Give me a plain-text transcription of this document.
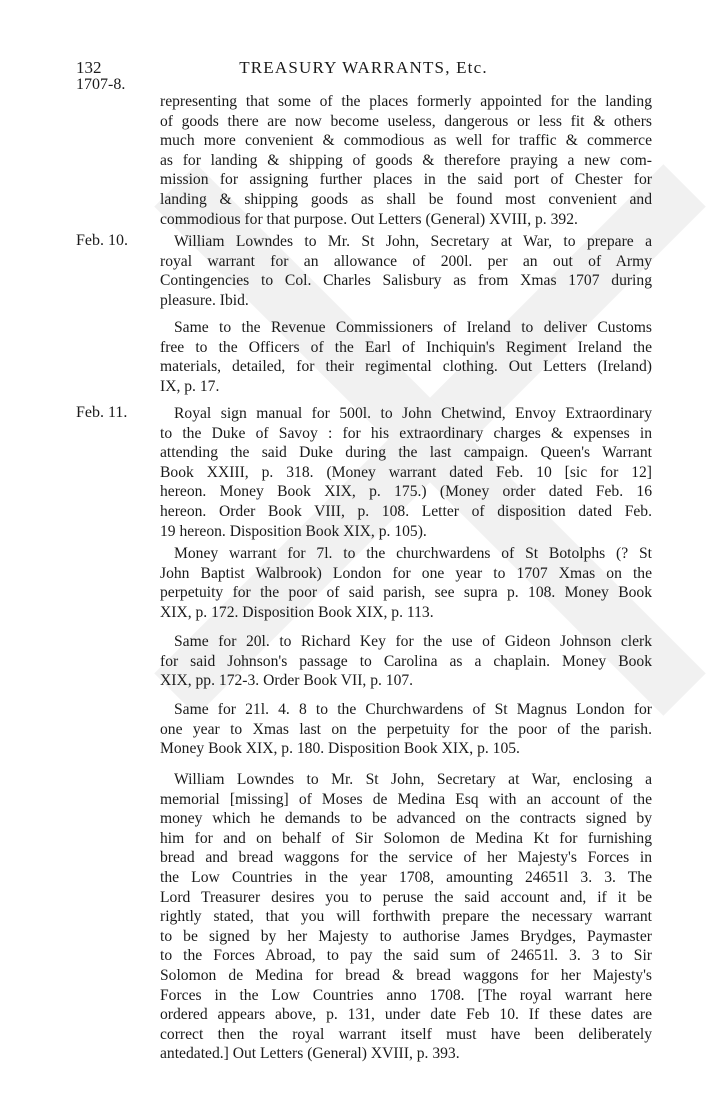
132	TREASURY WARRANTS, Etc.
1707-8.
representing that some of the places formerly appointed for the landing
of goods there are now become useless, dangerous or less fit & others
much more convenient & commodious as well for traffic & commerce
as for landing & shipping of goods & therefore praying a new com-
mission for assigning further places in the said port of Chester for
landing & shipping goods as shall be found most convenient and
commodious for that purpose. Out Letters (General) XVIII, p. 392.
Feb. 10.	William Lowndes to Mr. St John, Secretary at War, to prepare a
royal warrant for an allowance of 200l. per an out of Army
Contingencies to Col. Charles Salisbury as from Xmas 1707 during
pleasure. Ibid.
Same to the Revenue Commissioners of Ireland to deliver Customs
free to the Officers of the Earl of Inchiquin's Regiment Ireland the
materials, detailed, for their regimental clothing. Out Letters (Ireland)
IX, p. 17.
Feb. 11.	Royal sign manual for 500l. to John Chetwind, Envoy Extraordinary
to the Duke of Savoy : for his extraordinary charges & expenses in
attending the said Duke during the last campaign. Queen's Warrant
Book XXIII, p. 318. (Money warrant dated Feb. 10 [sic for 12]
hereon. Money Book XIX, p. 175.) (Money order dated Feb. 16
hereon. Order Book VIII, p. 108. Letter of disposition dated Feb.
19 hereon. Disposition Book XIX, p. 105).
Money warrant for 7l. to the churchwardens of St Botolphs (? St
John Baptist Walbrook) London for one year to 1707 Xmas on the
perpetuity for the poor of said parish, see supra p. 108. Money Book
XIX, p. 172. Disposition Book XIX, p. 113.
Same for 20l. to Richard Key for the use of Gideon Johnson clerk
for said Johnson's passage to Carolina as a chaplain. Money Book
XIX, pp. 172-3. Order Book VII, p. 107.
Same for 21l. 4. 8 to the Churchwardens of St Magnus London for
one year to Xmas last on the perpetuity for the poor of the parish.
Money Book XIX, p. 180. Disposition Book XIX, p. 105.
William Lowndes to Mr. St John, Secretary at War, enclosing a
memorial [missing] of Moses de Medina Esq with an account of the
money which he demands to be advanced on the contracts signed by
him for and on behalf of Sir Solomon de Medina Kt for furnishing
bread and bread waggons for the service of her Majesty's Forces in
the Low Countries in the year 1708, amounting 24651l 3. 3. The
Lord Treasurer desires you to peruse the said account and, if it be
rightly stated, that you will forthwith prepare the necessary warrant
to be signed by her Majesty to authorise James Brydges, Paymaster
to the Forces Abroad, to pay the said sum of 24651l. 3. 3 to Sir
Solomon de Medina for bread & bread waggons for her Majesty's
Forces in the Low Countries anno 1708. [The royal warrant here
ordered appears above, p. 131, under date Feb 10. If these dates are
correct then the royal warrant itself must have been deliberately
antedated.] Out Letters (General) XVIII, p. 393.
